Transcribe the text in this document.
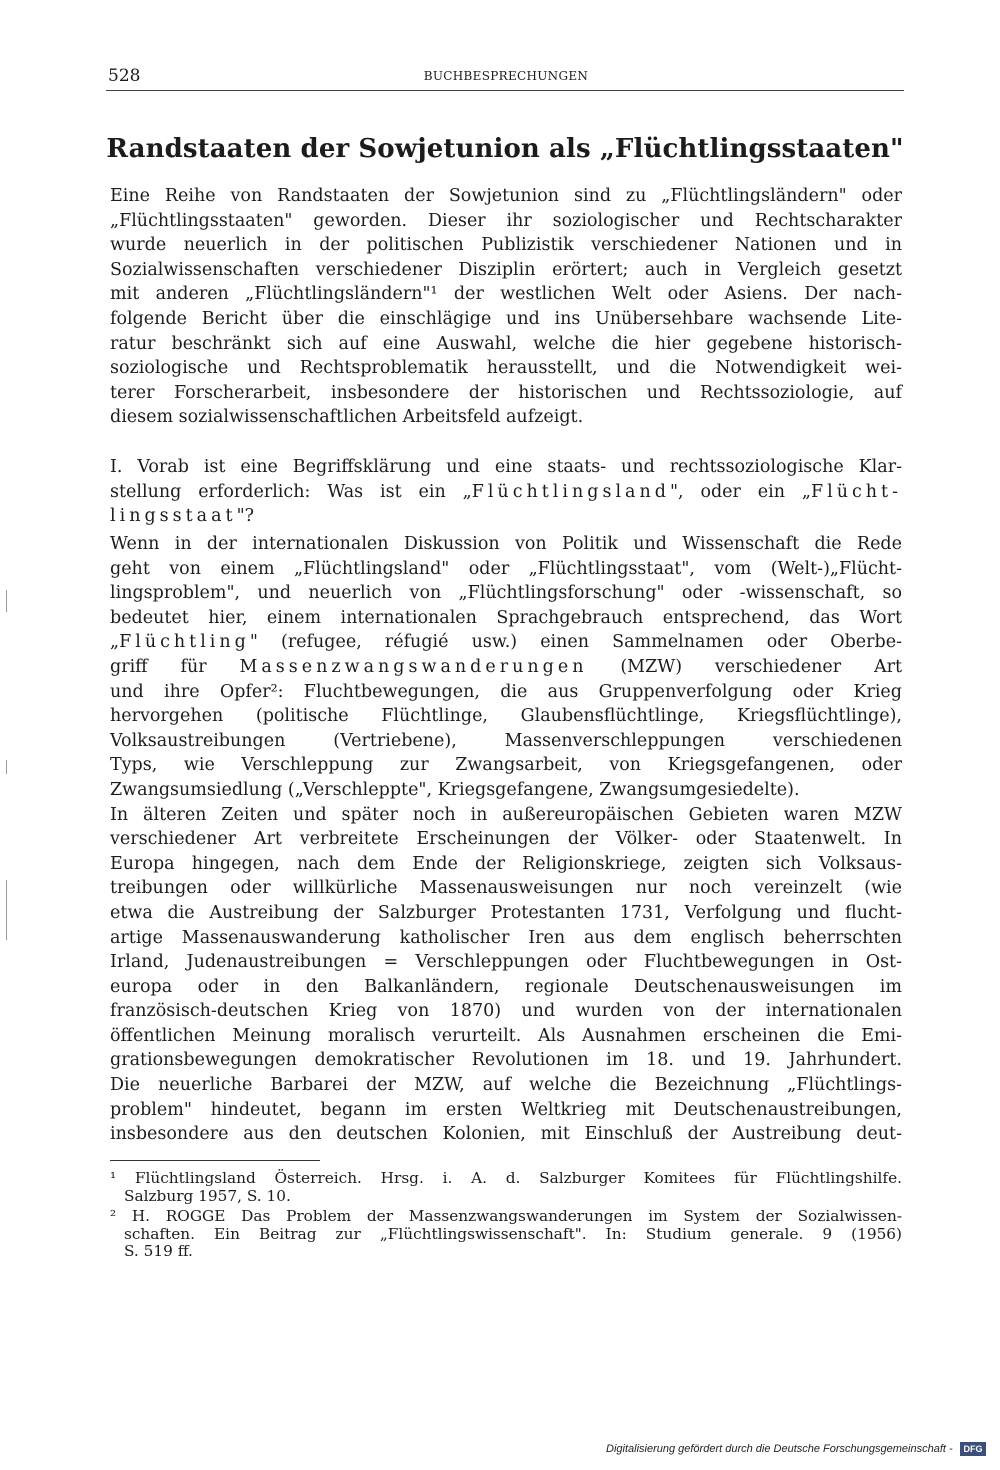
528	BUCHBESPRECHUNGEN
Randstaaten der Sowjetunion als „Flüchtlingsstaaten"
Eine Reihe von Randstaaten der Sowjetunion sind zu „Flüchtlingsländern" oder
„Flüchtlingsstaaten" geworden. Dieser ihr soziologischer und Rechtscharakter
wurde neuerlich in der politischen Publizistik verschiedener Nationen und in
Sozialwissenschaften verschiedener Disziplin erörtert; auch in Vergleich gesetzt
mit anderen „Flüchtlingsländern"¹ der westlichen Welt oder Asiens. Der nach-
folgende Bericht über die einschlägige und ins Unübersehbare wachsende Lite-
ratur beschränkt sich auf eine Auswahl, welche die hier gegebene historisch-
soziologische und Rechtsproblematik herausstellt, und die Notwendigkeit wei-
terer Forscherarbeit, insbesondere der historischen und Rechtssoziologie, auf
diesem sozialwissenschaftlichen Arbeitsfeld aufzeigt.
I. Vorab ist eine Begriffsklärung und eine staats- und rechtssoziologische Klar-
stellung erforderlich: Was ist ein „Flüchtlingsland", oder ein „Flücht-
lingsstaat"?
Wenn in der internationalen Diskussion von Politik und Wissenschaft die Rede
geht von einem „Flüchtlingsland" oder „Flüchtlingsstaat", vom (Welt-)„Flücht-
lingsproblem", und neuerlich von „Flüchtlingsforschung" oder -wissenschaft, so
bedeutet hier, einem internationalen Sprachgebrauch entsprechend, das Wort
„Flüchtling" (refugee, réfugié usw.) einen Sammelnamen oder Oberbe-
griff für Massenzwangswanderungen (MZW) verschiedener Art
und ihre Opfer²: Fluchtbewegungen, die aus Gruppenverfolgung oder Krieg
hervorgehen (politische Flüchtlinge, Glaubensflüchtlinge, Kriegsflüchtlinge),
Volksaustreibungen (Vertriebene), Massenverschleppungen verschiedenen
Typs, wie Verschleppung zur Zwangsarbeit, von Kriegsgefangenen, oder
Zwangsumsiedlung („Verschleppte", Kriegsgefangene, Zwangsumgesiedelte).
In älteren Zeiten und später noch in außereuropäischen Gebieten waren MZW
verschiedener Art verbreitete Erscheinungen der Völker- oder Staatenwelt. In
Europa hingegen, nach dem Ende der Religionskriege, zeigten sich Volksaus-
treibungen oder willkürliche Massenausweisungen nur noch vereinzelt (wie
etwa die Austreibung der Salzburger Protestanten 1731, Verfolgung und flucht-
artige Massenauswanderung katholischer Iren aus dem englisch beherrschten
Irland, Judenaustreibungen = Verschleppungen oder Fluchtbewegungen in Ost-
europa oder in den Balkanländern, regionale Deutschenausweisungen im
französisch-deutschen Krieg von 1870) und wurden von der internationalen
öffentlichen Meinung moralisch verurteilt. Als Ausnahmen erscheinen die Emi-
grationsbewegungen demokratischer Revolutionen im 18. und 19. Jahrhundert.
Die neuerliche Barbarei der MZW, auf welche die Bezeichnung „Flüchtlings-
problem" hindeutet, begann im ersten Weltkrieg mit Deutschenaustreibungen,
insbesondere aus den deutschen Kolonien, mit Einschluß der Austreibung deut-
¹ Flüchtlingsland Österreich. Hrsg. i. A. d. Salzburger Komitees für Flüchtlingshilfe.
Salzburg 1957, S. 10.
² H. ROGGE Das Problem der Massenzwangswanderungen im System der Sozialwissen-
schaften. Ein Beitrag zur „Flüchtlingswissenschaft". In: Studium generale. 9 (1956)
S. 519 ff.
Digitalisierung gefördert durch die Deutsche Forschungsgemeinschaft -	DFG
